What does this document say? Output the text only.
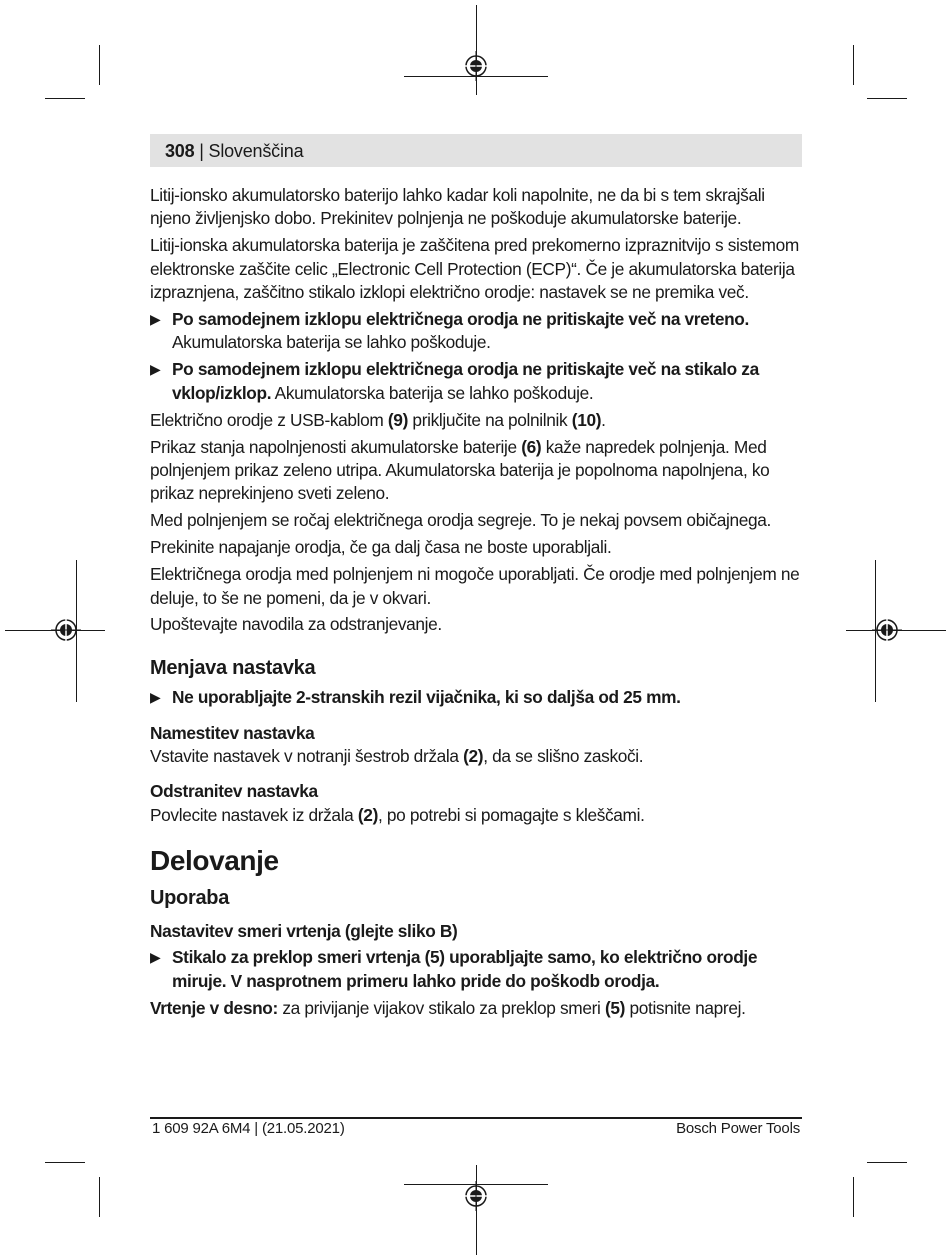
308 | Slovenščina

Litij-ionsko akumulatorsko baterijo lahko kadar koli napolnite, ne da bi s tem skrajšali njeno življenjsko dobo. Prekinitev polnjenja ne poškoduje akumulatorske baterije.

Litij-ionska akumulatorska baterija je zaščitena pred prekomerno izpraznitvijo s sistemom elektronske zaščite celic „Electronic Cell Protection (ECP)“. Če je akumulatorska baterija izpraznjena, zaščitno stikalo izklopi električno orodje: nastavek se ne premika več.

▶ Po samodejnem izklopu električnega orodja ne pritiskajte več na vreteno. Akumulatorska baterija se lahko poškoduje.
▶ Po samodejnem izklopu električnega orodja ne pritiskajte več na stikalo za vklop/izklop. Akumulatorska baterija se lahko poškoduje.

Električno orodje z USB-kablom (9) priključite na polnilnik (10).

Prikaz stanja napolnjenosti akumulatorske baterije (6) kaže napredek polnjenja. Med polnjenjem prikaz zeleno utripa. Akumulatorska baterija je popolnoma napolnjena, ko prikaz neprekinjeno sveti zeleno.

Med polnjenjem se ročaj električnega orodja segreje. To je nekaj povsem običajnega.

Prekinite napajanje orodja, če ga dalj časa ne boste uporabljali.

Električnega orodja med polnjenjem ni mogoče uporabljati. Če orodje med polnjenjem ne deluje, to še ne pomeni, da je v okvari.

Upoštevajte navodila za odstranjevanje.

Menjava nastavka
▶ Ne uporabljajte 2-stranskih rezil vijačnika, ki so daljša od 25 mm.
Namestitev nastavka

Vstavite nastavek v notranji šestrob držala (2), da se slišno zaskoči.

Odstranitev nastavka

Povlecite nastavek iz držala (2), po potrebi si pomagajte s kleščami.

Delovanje
Uporaba
Nastavitev smeri vrtenja (glejte sliko B)
▶ Stikalo za preklop smeri vrtenja (5) uporabljajte samo, ko električno orodje miruje. V nasprotnem primeru lahko pride do poškodb orodja.

Vrtenje v desno: za privijanje vijakov stikalo za preklop smeri (5) potisnite naprej.

1 609 92A 6M4 | (21.05.2021)	Bosch Power Tools
